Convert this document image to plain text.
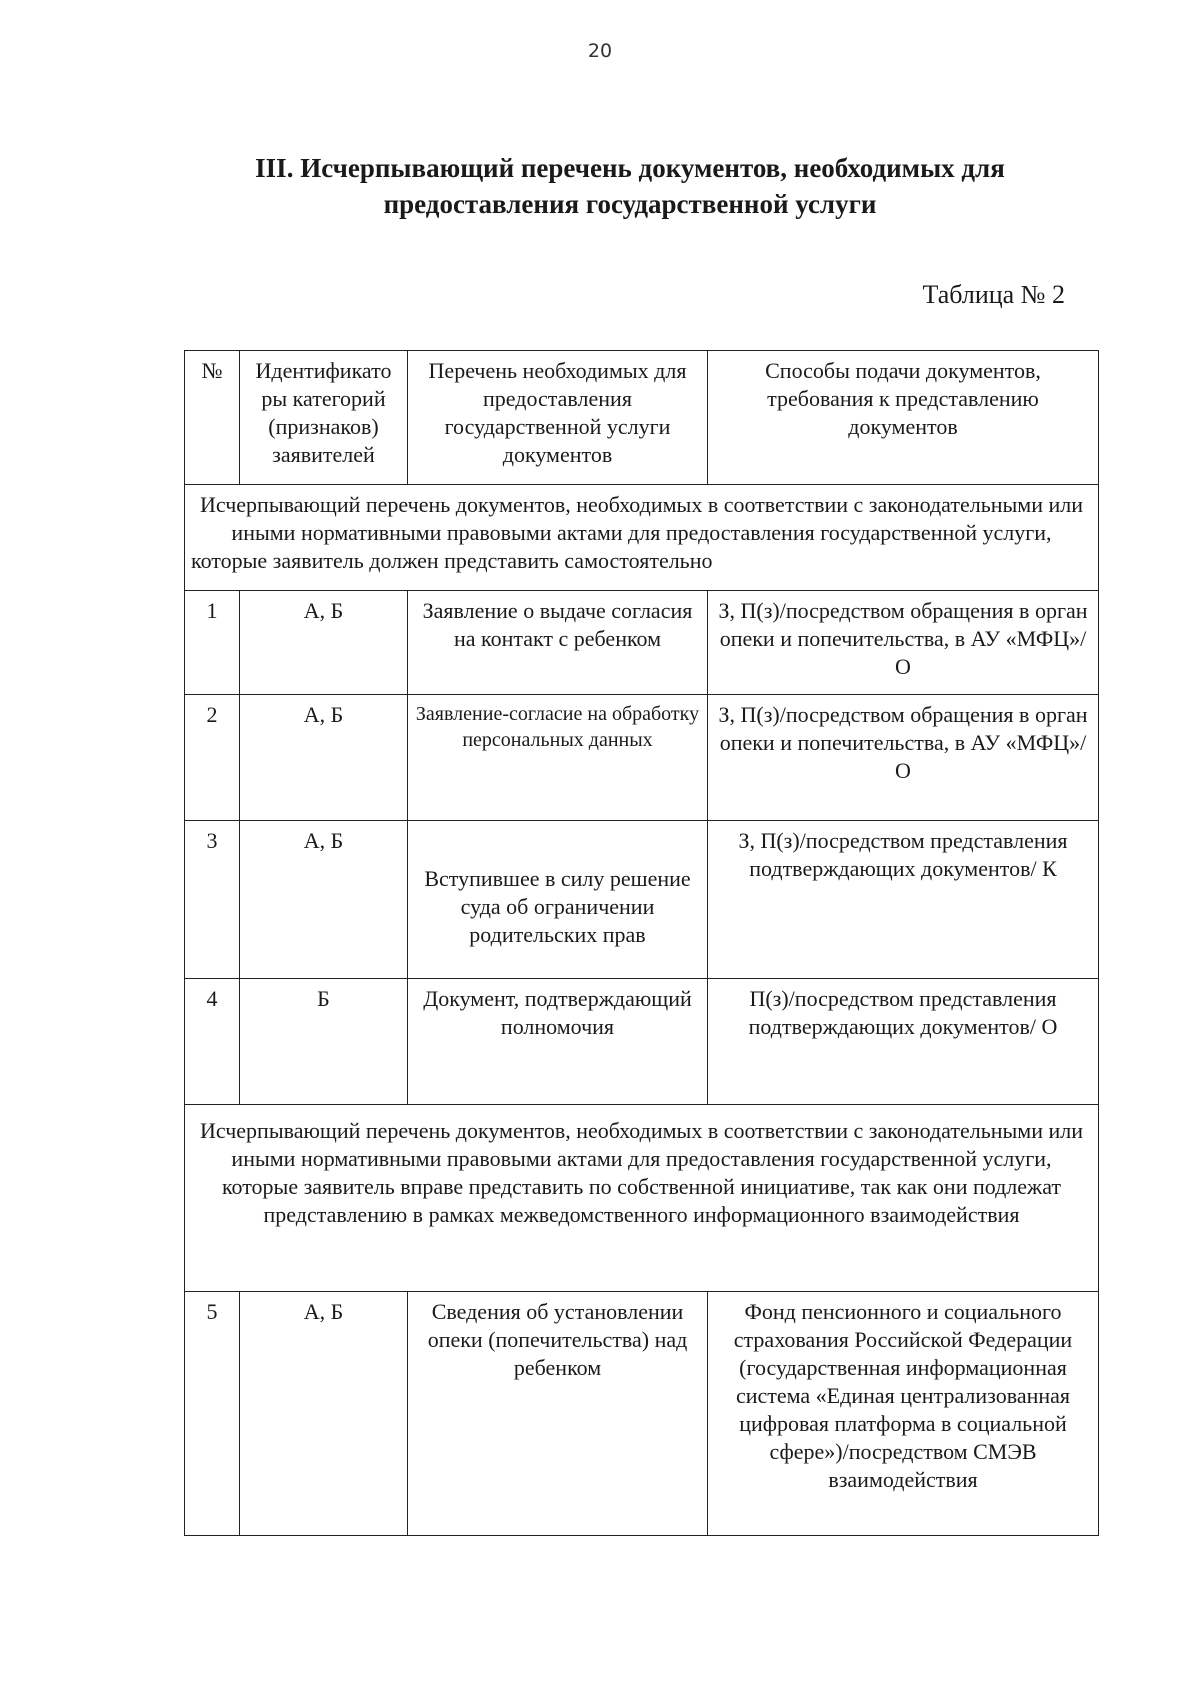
20
III. Исчерпывающий перечень документов, необходимых для
предоставления государственной услуги
Таблица № 2
№	Идентификато ры категорий (признаков) заявителей	Перечень необходимых для предоставления государственной услуги документов	Способы подачи документов, требования к представлению документов
Исчерпывающий перечень документов, необходимых в соответствии с законодательными или иными нормативными правовыми актами для предоставления государственной услуги, которые заявитель должен представить самостоятельно			
1	А, Б	Заявление о выдаче согласия на контакт с ребенком	З, П(з)/посредством обращения в орган опеки и попечительства, в АУ «МФЦ»/ О
2	А, Б	Заявление-согласие на обработку персональных данных	З, П(з)/посредством обращения в орган опеки и попечительства, в АУ «МФЦ»/ О
3	А, Б	Вступившее в силу решение суда об ограничении родительских прав	З, П(з)/посредством представления подтверждающих документов/ К
4	Б	Документ, подтверждающий полномочия	П(з)/посредством представления подтверждающих документов/ О
Исчерпывающий перечень документов, необходимых в соответствии с законодательными или иными нормативными правовыми актами для предоставления государственной услуги, которые заявитель вправе представить по собственной инициативе, так как они подлежат представлению в рамках межведомственного информационного взаимодействия			
5	А, Б	Сведения об установлении опеки (попечительства) над ребенком	Фонд пенсионного и социального страхования Российской Федерации (государственная информационная система «Единая централизованная цифровая платформа в социальной сфере»)/посредством СМЭВ взаимодействия
